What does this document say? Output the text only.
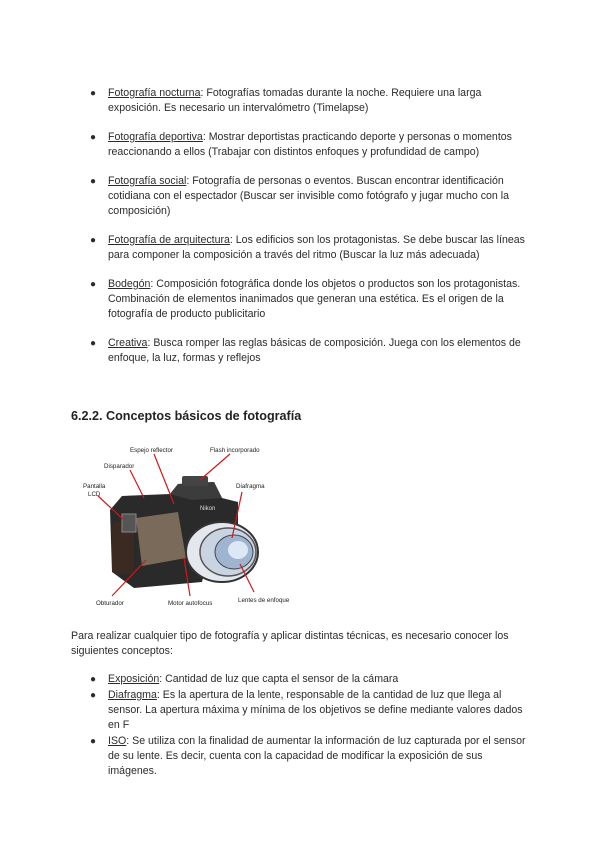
● Fotografía nocturna: Fotografías tomadas durante la noche. Requiere una larga exposición. Es necesario un intervalómetro (Timelapse)
● Fotografía deportiva: Mostrar deportistas practicando deporte y personas o momentos reaccionando a ellos (Trabajar con distintos enfoques y profundidad de campo)
● Fotografía social: Fotografía de personas o eventos. Buscan encontrar identificación cotidiana con el espectador (Buscar ser invisible como fotógrafo y jugar mucho con la composición)
● Fotografía de arquitectura: Los edificios son los protagonistas. Se debe buscar las líneas para componer la composición a través del ritmo (Buscar la luz más adecuada)
● Bodegón: Composición fotográfica donde los objetos o productos son los protagonistas. Combinación de elementos inanimados que generan una estética. Es el origen de la fotografía de producto publicitario
● Creativa: Busca romper las reglas básicas de composición. Juega con los elementos de enfoque, la luz, formas y reflejos
6.2.2. Conceptos básicos de fotografía
Nikon
Espejo reflector	Flash incorporado
Disparador
Pantalla
LCD
Diafragma
Obturador	Motor autofocus	Lentes de enfoque

Para realizar cualquier tipo de fotografía y aplicar distintas técnicas, es necesario conocer los siguientes conceptos:

● Exposición: Cantidad de luz que capta el sensor de la cámara
● Diafragma: Es la apertura de la lente, responsable de la cantidad de luz que llega al sensor. La apertura máxima y mínima de los objetivos se define mediante valores dados en F
● ISO: Se utiliza con la finalidad de aumentar la información de luz capturada por el sensor de su lente. Es decir, cuenta con la capacidad de modificar la exposición de sus imágenes.
